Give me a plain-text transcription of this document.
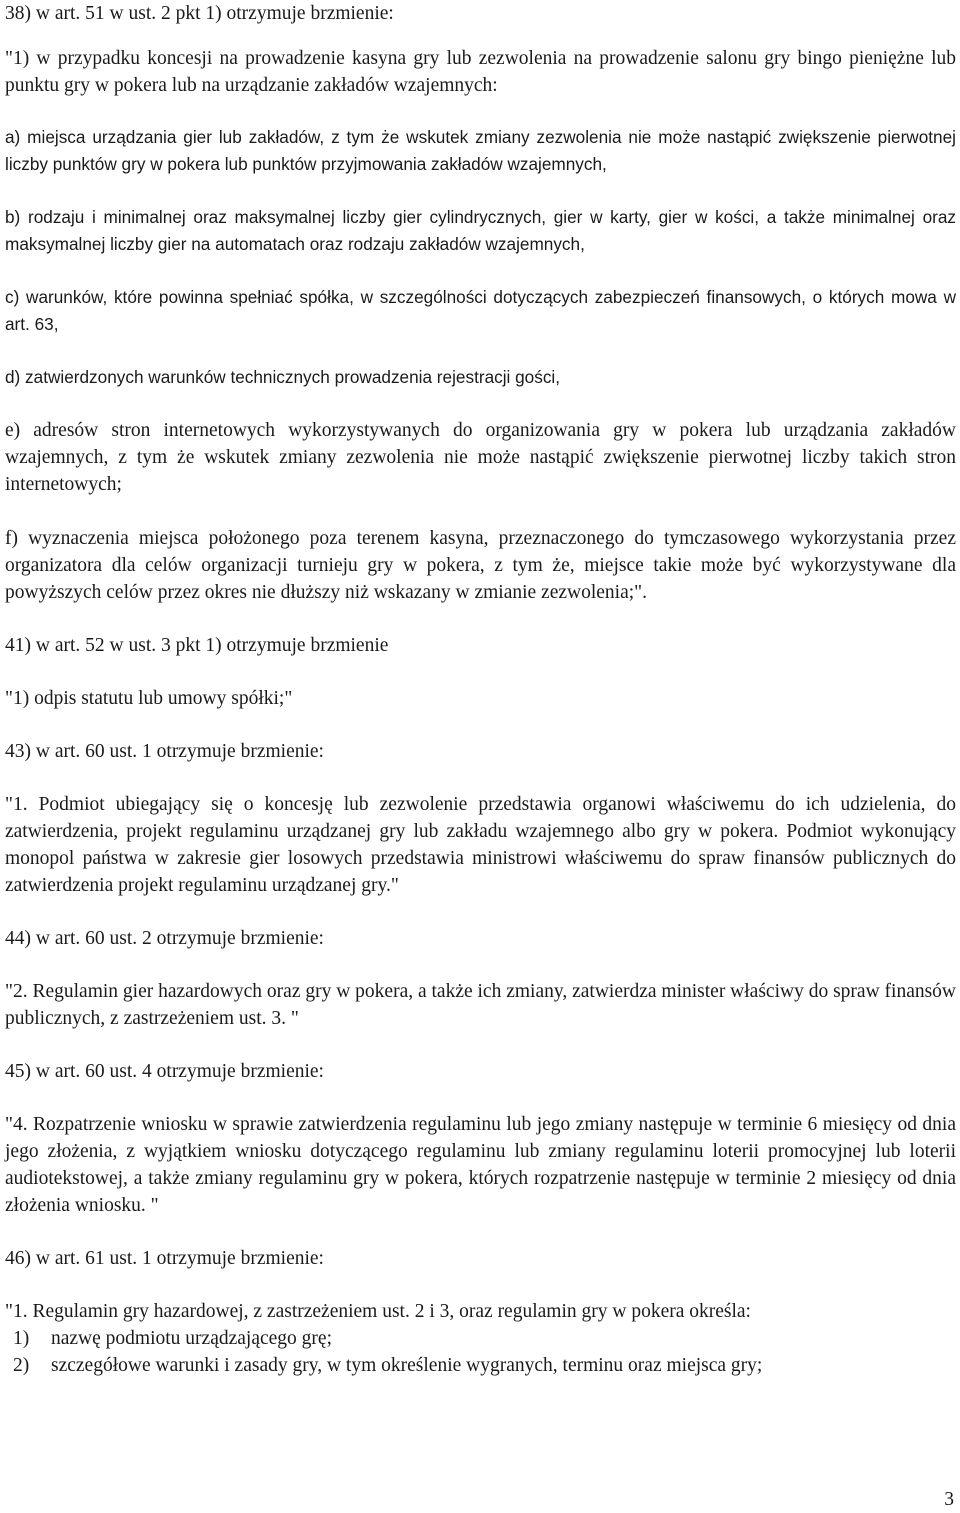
38) w art. 51 w ust. 2 pkt 1) otrzymuje brzmienie:

"1) w przypadku koncesji na prowadzenie kasyna gry lub zezwolenia na prowadzenie salonu gry bingo pieniężne lub punktu gry w pokera lub na urządzanie zakładów wzajemnych:

a) miejsca urządzania gier lub zakładów, z tym że wskutek zmiany zezwolenia nie może nastąpić zwiększenie pierwotnej liczby punktów gry w pokera lub punktów przyjmowania zakładów wzajemnych,

b) rodzaju i minimalnej oraz maksymalnej liczby gier cylindrycznych, gier w karty, gier w kości, a także minimalnej oraz maksymalnej liczby gier na automatach oraz rodzaju zakładów wzajemnych,

c) warunków, które powinna spełniać spółka, w szczególności dotyczących zabezpieczeń finansowych, o których mowa w art. 63,

d) zatwierdzonych warunków technicznych prowadzenia rejestracji gości,

e) adresów stron internetowych wykorzystywanych do organizowania gry w pokera lub urządzania zakładów wzajemnych, z tym że wskutek zmiany zezwolenia nie może nastąpić zwiększenie pierwotnej liczby takich stron internetowych;

f) wyznaczenia miejsca położonego poza terenem kasyna, przeznaczonego do tymczasowego wykorzystania przez organizatora dla celów organizacji turnieju gry w pokera, z tym że, miejsce takie może być wykorzystywane dla powyższych celów przez okres nie dłuższy niż wskazany w zmianie zezwolenia;".

41) w art. 52 w ust. 3 pkt 1) otrzymuje brzmienie

"1) odpis statutu lub umowy spółki;"

43) w art. 60 ust. 1 otrzymuje brzmienie:

"1. Podmiot ubiegający się o koncesję lub zezwolenie przedstawia organowi właściwemu do ich udzielenia, do zatwierdzenia, projekt regulaminu urządzanej gry lub zakładu wzajemnego albo gry w pokera. Podmiot wykonujący monopol państwa w zakresie gier losowych przedstawia ministrowi właściwemu do spraw finansów publicznych do zatwierdzenia projekt regulaminu urządzanej gry."

44) w art. 60 ust. 2 otrzymuje brzmienie:

"2. Regulamin gier hazardowych oraz gry w pokera, a także ich zmiany, zatwierdza minister właściwy do spraw finansów publicznych, z zastrzeżeniem ust. 3. "

45) w art. 60 ust. 4 otrzymuje brzmienie:

"4. Rozpatrzenie wniosku w sprawie zatwierdzenia regulaminu lub jego zmiany następuje w terminie 6 miesięcy od dnia jego złożenia, z wyjątkiem wniosku dotyczącego regulaminu lub zmiany regulaminu loterii promocyjnej lub loterii audiotekstowej, a także zmiany regulaminu gry w pokera, których rozpatrzenie następuje w terminie 2 miesięcy od dnia złożenia wniosku. "

46) w art. 61 ust. 1 otrzymuje brzmienie:

"1. Regulamin gry hazardowej, z zastrzeżeniem ust. 2 i 3, oraz regulamin gry w pokera określa:

1)	nazwę podmiotu urządzającego grę;
2)	szczegółowe warunki i zasady gry, w tym określenie wygranych, terminu oraz miejsca gry;
3
